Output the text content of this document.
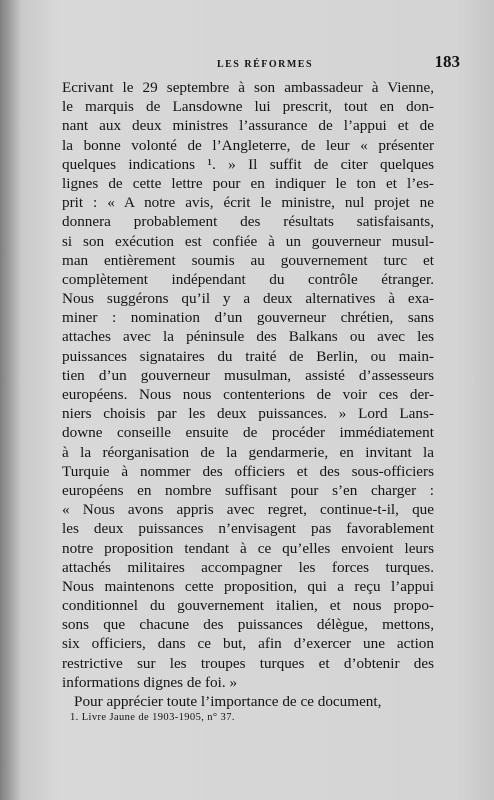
LES RÉFORMES	183
Ecrivant le 29 septembre à son ambassadeur à Vienne,
le marquis de Lansdowne lui prescrit, tout en don-
nant aux deux ministres l’assurance de l’appui et de
la bonne volonté de l’Angleterre, de leur « présenter
quelques indications ¹. » Il suffit de citer quelques
lignes de cette lettre pour en indiquer le ton et l’es-
prit : « A notre avis, écrit le ministre, nul projet ne
donnera probablement des résultats satisfaisants,
si son exécution est confiée à un gouverneur musul-
man entièrement soumis au gouvernement turc et
complètement indépendant du contrôle étranger.
Nous suggérons qu’il y a deux alternatives à exa-
miner : nomination d’un gouverneur chrétien, sans
attaches avec la péninsule des Balkans ou avec les
puissances signataires du traité de Berlin, ou main-
tien d’un gouverneur musulman, assisté d’assesseurs
européens. Nous nous contenterions de voir ces der-
niers choisis par les deux puissances. » Lord Lans-
downe conseille ensuite de procéder immédiatement
à la réorganisation de la gendarmerie, en invitant la
Turquie à nommer des officiers et des sous-officiers
européens en nombre suffisant pour s’en charger :
« Nous avons appris avec regret, continue-t-il, que
les deux puissances n’envisagent pas favorablement
notre proposition tendant à ce qu’elles envoient leurs
attachés militaires accompagner les forces turques.
Nous maintenons cette proposition, qui a reçu l’appui
conditionnel du gouvernement italien, et nous propo-
sons que chacune des puissances délègue, mettons,
six officiers, dans ce but, afin d’exercer une action
restrictive sur les troupes turques et d’obtenir des
informations dignes de foi. »
Pour apprécier toute l’importance de ce document,
1. Livre Jaune de 1903-1905, n° 37.
